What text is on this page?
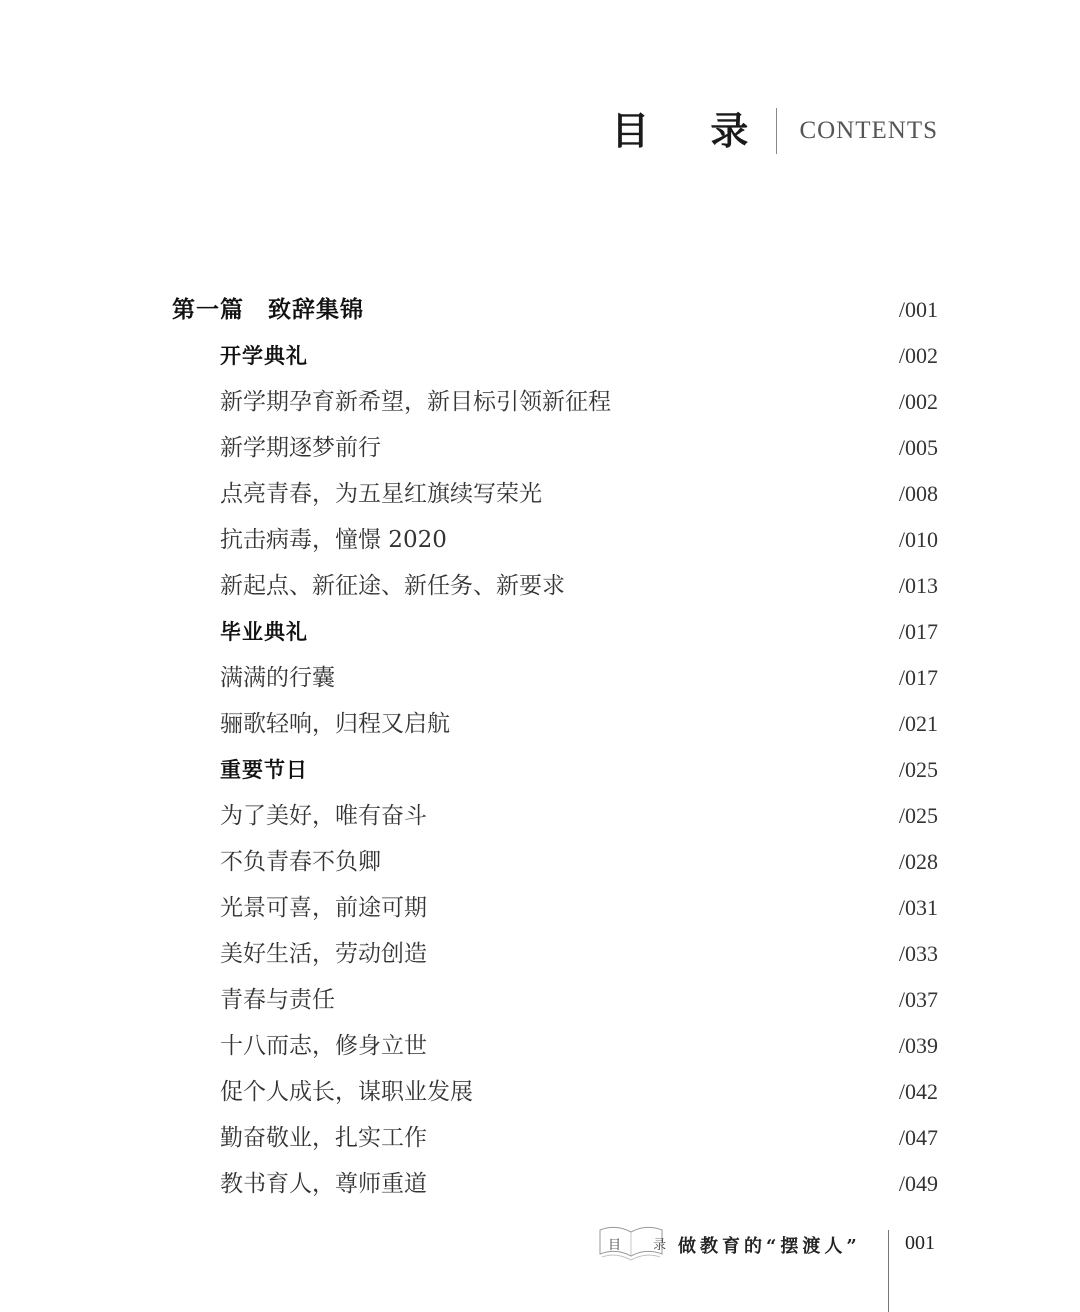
目 录 CONTENTS
第一篇　致辞集锦	/001
开学典礼	/002
新学期孕育新希望，新目标引领新征程	/002
新学期逐梦前行	/005
点亮青春，为五星红旗续写荣光	/008
抗击病毒，憧憬 2020	/010
新起点、新征途、新任务、新要求	/013
毕业典礼	/017
满满的行囊	/017
骊歌轻响，归程又启航	/021
重要节日	/025
为了美好，唯有奋斗	/025
不负青春不负卿	/028
光景可喜，前途可期	/031
美好生活，劳动创造	/033
青春与责任	/037
十八而志，修身立世	/039
促个人成长，谋职业发展	/042
勤奋敬业，扎实工作	/047
教书育人，尊师重道	/049
目 录
做教育的“摆渡人” 001
